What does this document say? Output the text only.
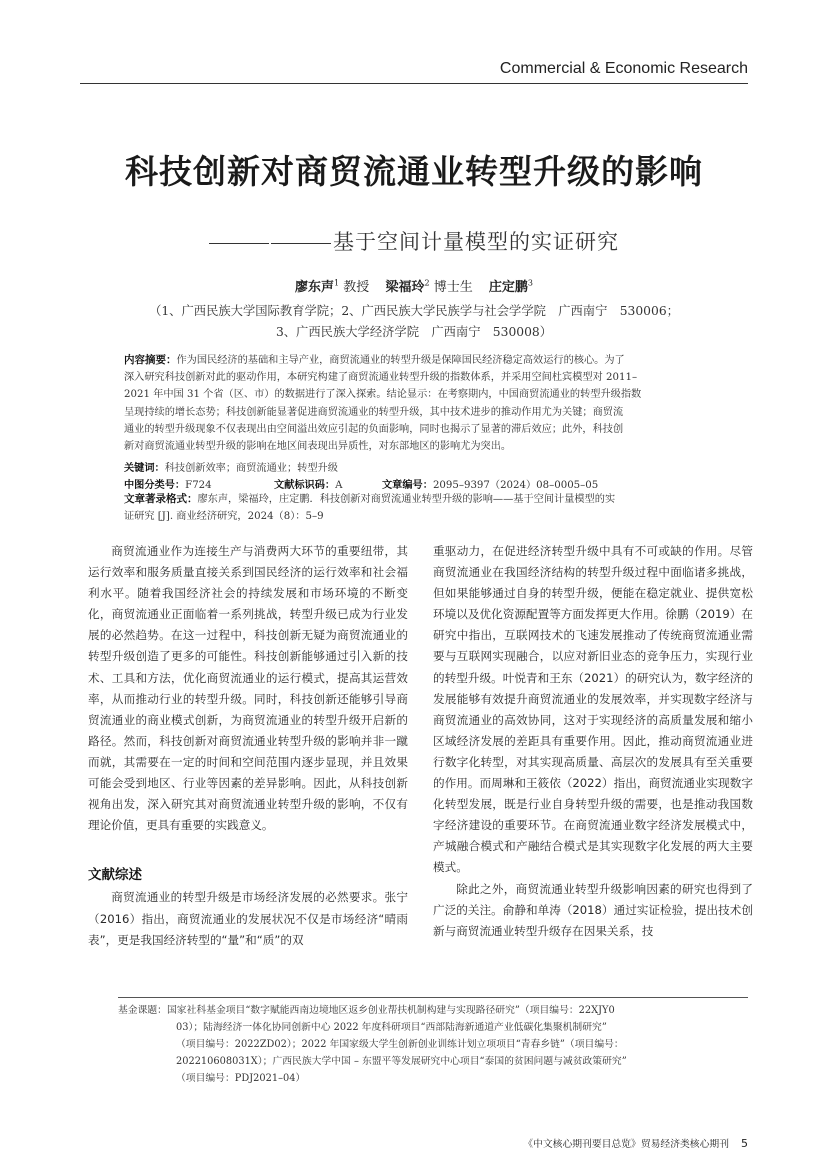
Commercial & Economic Research
科技创新对商贸流通业转型升级的影响
基于空间计量模型的实证研究
廖东声$^1$ 教授 梁福玲$^2$ 博士生 庄定鹏$^3$
（1、广西民族大学国际教育学院；2、广西民族大学民族学与社会学学院　广西南宁　530006；
3、广西民族大学经济学院　广西南宁　530008）
内容摘要：作为国民经济的基础和主导产业，商贸流通业的转型升级是保障国民经济稳定高效运行的核心。为了
深入研究科技创新对此的驱动作用，本研究构建了商贸流通业转型升级的指数体系，并采用空间杜宾模型对 2011–
2021 年中国 31 个省（区、市）的数据进行了深入探索。结论显示：在考察期内，中国商贸流通业的转型升级指数
呈现持续的增长态势；科技创新能显著促进商贸流通业的转型升级，其中技术进步的推动作用尤为关键；商贸流
通业的转型升级现象不仅表现出由空间溢出效应引起的负面影响，同时也揭示了显著的滞后效应；此外，科技创
新对商贸流通业转型升级的影响在地区间表现出异质性，对东部地区的影响尤为突出。
关键词：科技创新效率；商贸流通业；转型升级
中图分类号：F724	文献标识码：A	文章编号：2095–9397（2024）08–0005–05
文章著录格式：廖东声，梁福玲，庄定鹏．科技创新对商贸流通业转型升级的影响——基于空间计量模型的实
证研究 [J]. 商业经济研究，2024（8）：5–9

商贸流通业作为连接生产与消费两大环节的重要纽带，其运行效率和服务质量直接关系到国民经济的运行效率和社会福利水平。随着我国经济社会的持续发展和市场环境的不断变化，商贸流通业正面临着一系列挑战，转型升级已成为行业发展的必然趋势。在这一过程中，科技创新无疑为商贸流通业的转型升级创造了更多的可能性。科技创新能够通过引入新的技术、工具和方法，优化商贸流通业的运行模式，提高其运营效率，从而推动行业的转型升级。同时，科技创新还能够引导商贸流通业的商业模式创新，为商贸流通业的转型升级开启新的路径。然而，科技创新对商贸流通业转型升级的影响并非一蹴而就，其需要在一定的时间和空间范围内逐步显现，并且效果可能会受到地区、行业等因素的差异影响。因此，从科技创新视角出发，深入研究其对商贸流通业转型升级的影响，不仅有理论价值，更具有重要的实践意义。

文献综述

商贸流通业的转型升级是市场经济发展的必然要求。张宁（2016）指出，商贸流通业的发展状况不仅是市场经济“晴雨表”，更是我国经济转型的“量”和“质”的双

重驱动力，在促进经济转型升级中具有不可或缺的作用。尽管商贸流通业在我国经济结构的转型升级过程中面临诸多挑战，但如果能够通过自身的转型升级，便能在稳定就业、提供宽松环境以及优化资源配置等方面发挥更大作用。徐鹏（2019）在研究中指出，互联网技术的飞速发展推动了传统商贸流通业需要与互联网实现融合，以应对新旧业态的竞争压力，实现行业的转型升级。叶悦青和王东（2021）的研究认为，数字经济的发展能够有效提升商贸流通业的发展效率，并实现数字经济与商贸流通业的高效协同，这对于实现经济的高质量发展和缩小区域经济发展的差距具有重要作用。因此，推动商贸流通业进行数字化转型，对其实现高质量、高层次的发展具有至关重要的作用。而周琳和王筱依（2022）指出，商贸流通业实现数字化转型发展，既是行业自身转型升级的需要，也是推动我国数字经济建设的重要环节。在商贸流通业数字经济发展模式中，产城融合模式和产融结合模式是其实现数字化发展的两大主要模式。

除此之外，商贸流通业转型升级影响因素的研究也得到了广泛的关注。俞静和单涛（2018）通过实证检验，提出技术创新与商贸流通业转型升级存在因果关系，技

基金课题：国家社科基金项目“数字赋能西南边境地区返乡创业帮扶机制构建与实现路径研究”（项目编号：22XJY0
03）；陆海经济一体化协同创新中心 2022 年度科研项目“西部陆海新通道产业低碳化集聚机制研究”
（项目编号：2022ZD02）；2022 年国家级大学生创新创业训练计划立项项目“青春乡链”（项目编号：
202210608031X）；广西民族大学中国 – 东盟平等发展研究中心项目“泰国的贫困问题与减贫政策研究”
（项目编号：PDJ2021–04）
《中文核心期刊要目总览》贸易经济类核心期刊 5
